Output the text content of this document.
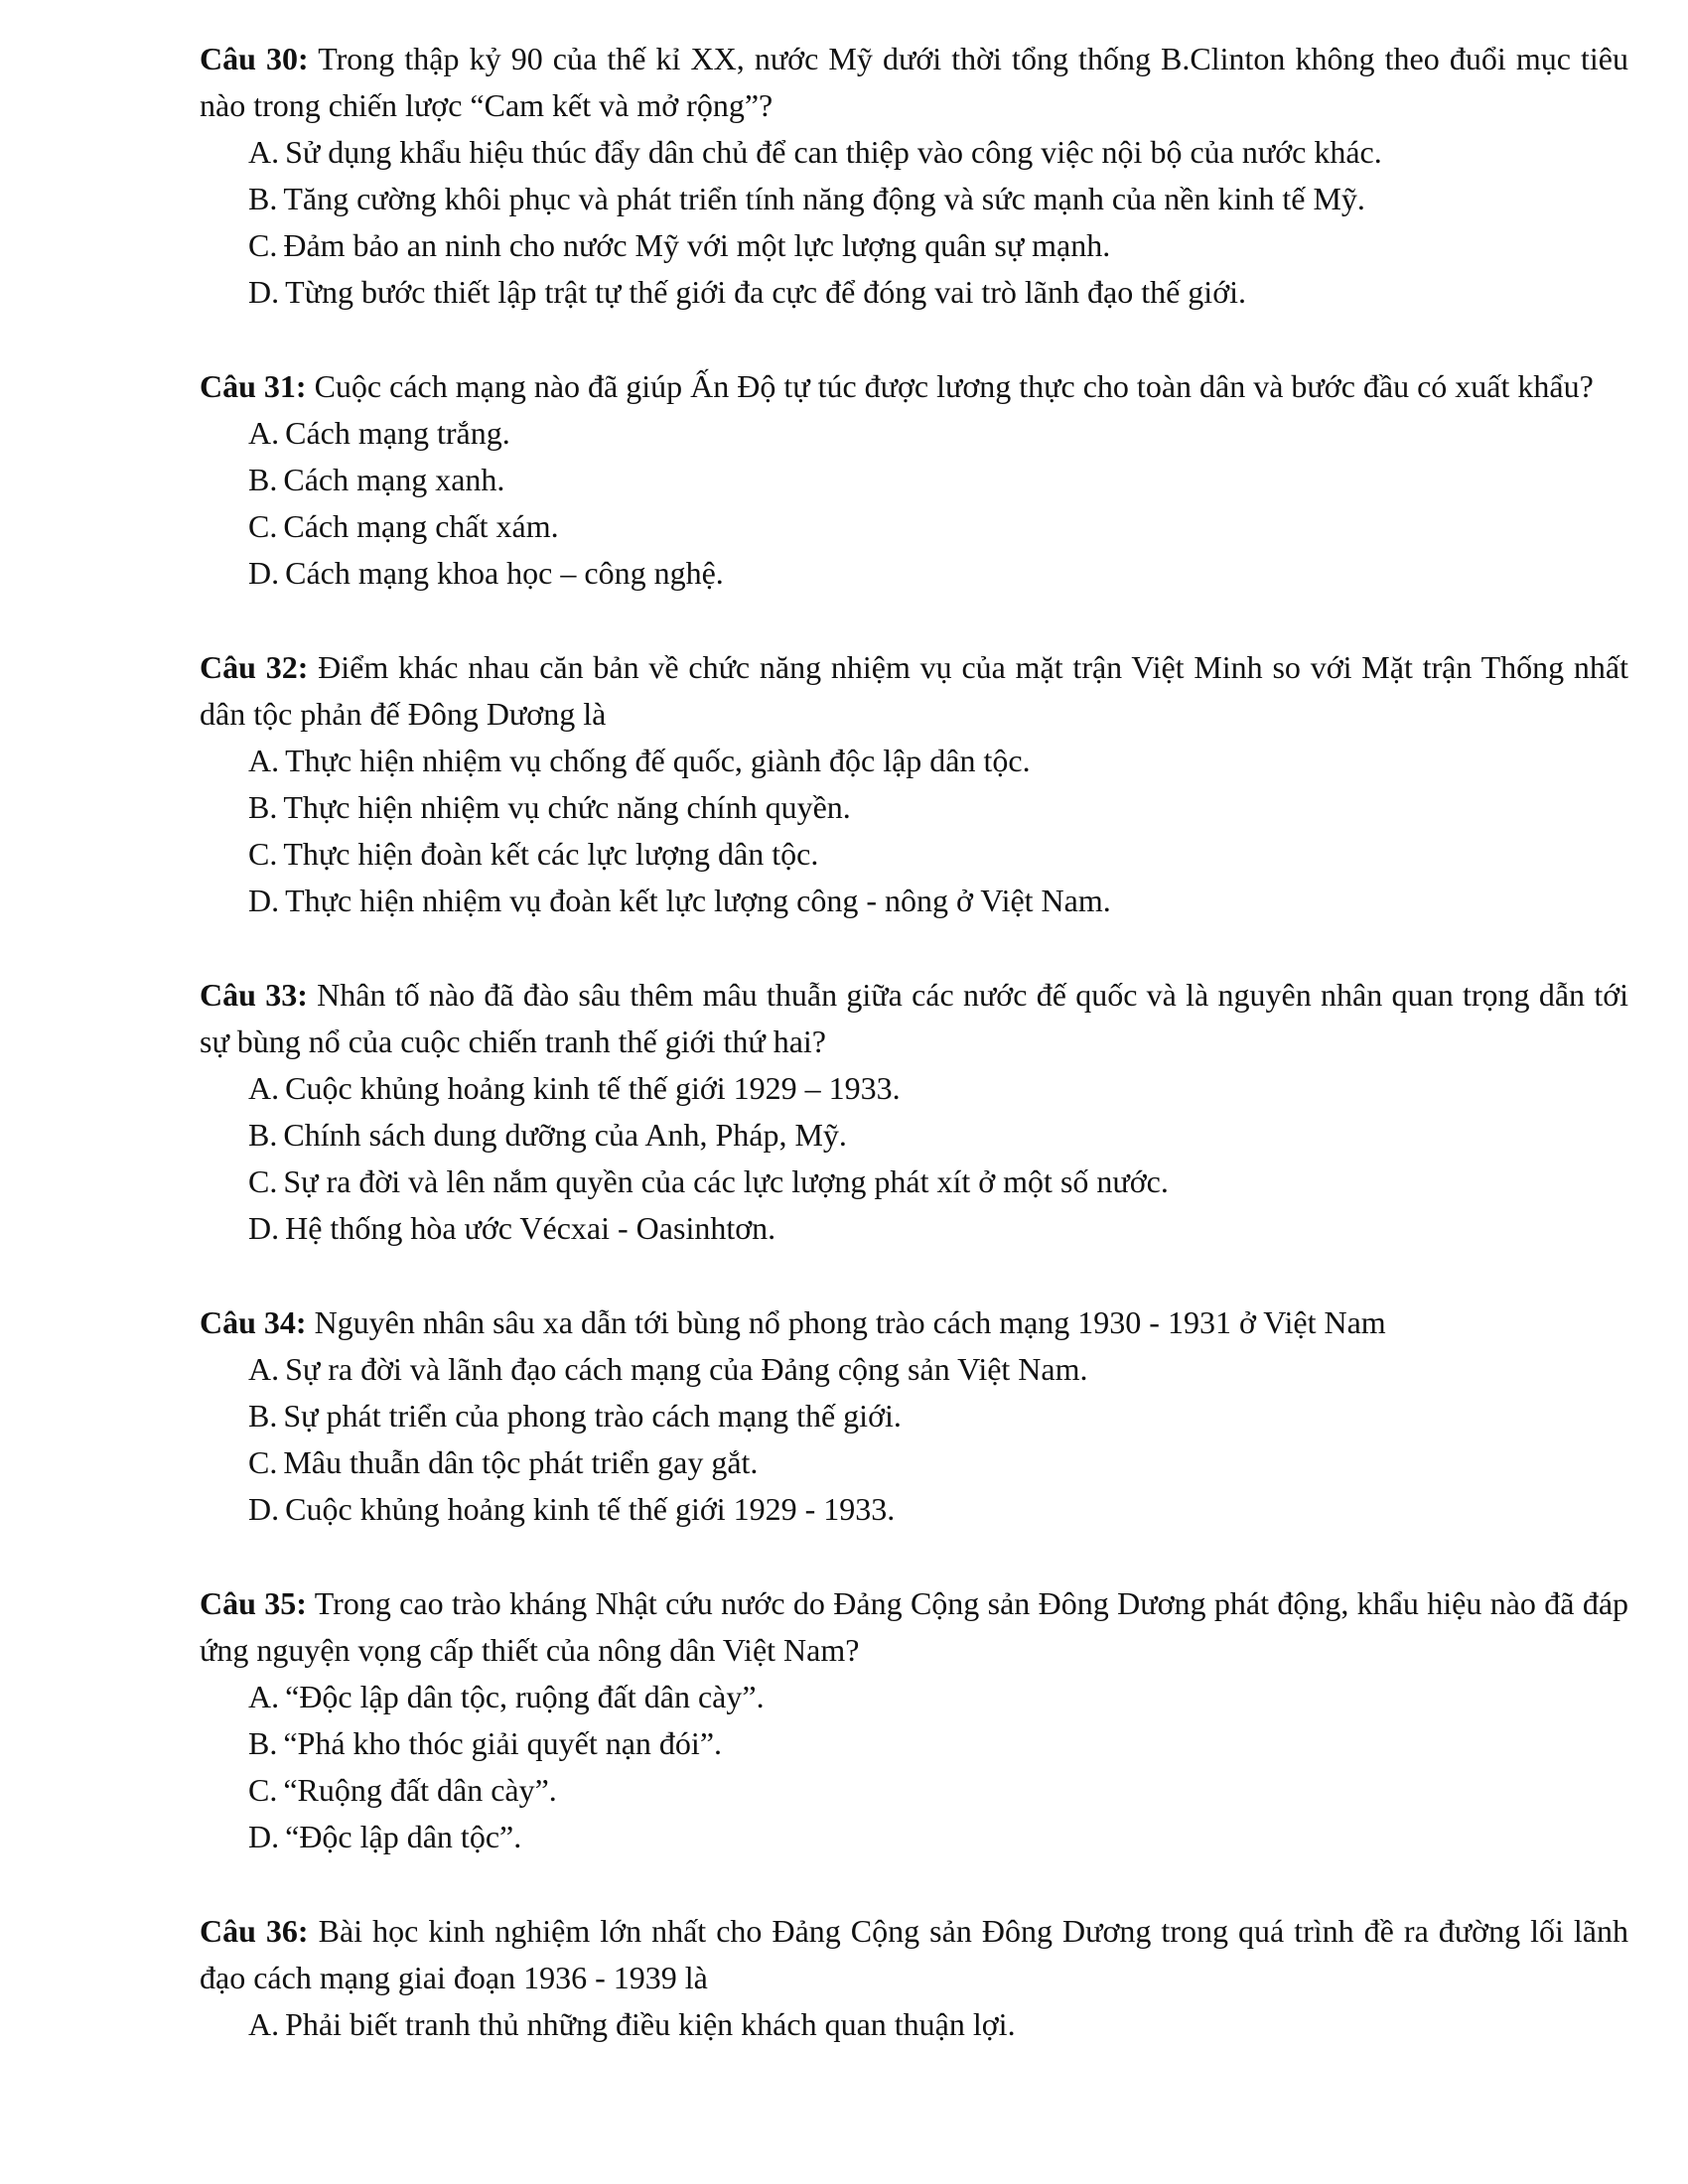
Câu 30: Trong thập kỷ 90 của thế kỉ XX, nước Mỹ dưới thời tổng thống B.Clinton không theo đuổi mục tiêu nào trong chiến lược “Cam kết và mở rộng”?

A. Sử dụng khẩu hiệu thúc đẩy dân chủ để can thiệp vào công việc nội bộ của nước khác.
B. Tăng cường khôi phục và phát triển tính năng động và sức mạnh của nền kinh tế Mỹ.
C. Đảm bảo an ninh cho nước Mỹ với một lực lượng quân sự mạnh.
D. Từng bước thiết lập trật tự thế giới đa cực để đóng vai trò lãnh đạo thế giới.

Câu 31: Cuộc cách mạng nào đã giúp Ấn Độ tự túc được lương thực cho toàn dân và bước đầu có xuất khẩu?

A. Cách mạng trắng.
B. Cách mạng xanh.
C. Cách mạng chất xám.
D. Cách mạng khoa học – công nghệ.

Câu 32: Điểm khác nhau căn bản về chức năng nhiệm vụ của mặt trận Việt Minh so với Mặt trận Thống nhất dân tộc phản đế Đông Dương là

A. Thực hiện nhiệm vụ chống đế quốc, giành độc lập dân tộc.
B. Thực hiện nhiệm vụ chức năng chính quyền.
C. Thực hiện đoàn kết các lực lượng dân tộc.
D. Thực hiện nhiệm vụ đoàn kết lực lượng công - nông ở Việt Nam.

Câu 33: Nhân tố nào đã đào sâu thêm mâu thuẫn giữa các nước đế quốc và là nguyên nhân quan trọng dẫn tới sự bùng nổ của cuộc chiến tranh thế giới thứ hai?

A. Cuộc khủng hoảng kinh tế thế giới 1929 – 1933.
B. Chính sách dung dưỡng của Anh, Pháp, Mỹ.
C. Sự ra đời và lên nắm quyền của các lực lượng phát xít ở một số nước.
D. Hệ thống hòa ước Vécxai - Oasinhtơn.

Câu 34: Nguyên nhân sâu xa dẫn tới bùng nổ phong trào cách mạng 1930 - 1931 ở Việt Nam

A. Sự ra đời và lãnh đạo cách mạng của Đảng cộng sản Việt Nam.
B. Sự phát triển của phong trào cách mạng thế giới.
C. Mâu thuẫn dân tộc phát triển gay gắt.
D. Cuộc khủng hoảng kinh tế thế giới 1929 - 1933.

Câu 35: Trong cao trào kháng Nhật cứu nước do Đảng Cộng sản Đông Dương phát động, khẩu hiệu nào đã đáp ứng nguyện vọng cấp thiết của nông dân Việt Nam?

A. “Độc lập dân tộc, ruộng đất dân cày”.
B. “Phá kho thóc giải quyết nạn đói”.
C. “Ruộng đất dân cày”.
D. “Độc lập dân tộc”.

Câu 36: Bài học kinh nghiệm lớn nhất cho Đảng Cộng sản Đông Dương trong quá trình đề ra đường lối lãnh đạo cách mạng giai đoạn 1936 - 1939 là

A. Phải biết tranh thủ những điều kiện khách quan thuận lợi.
